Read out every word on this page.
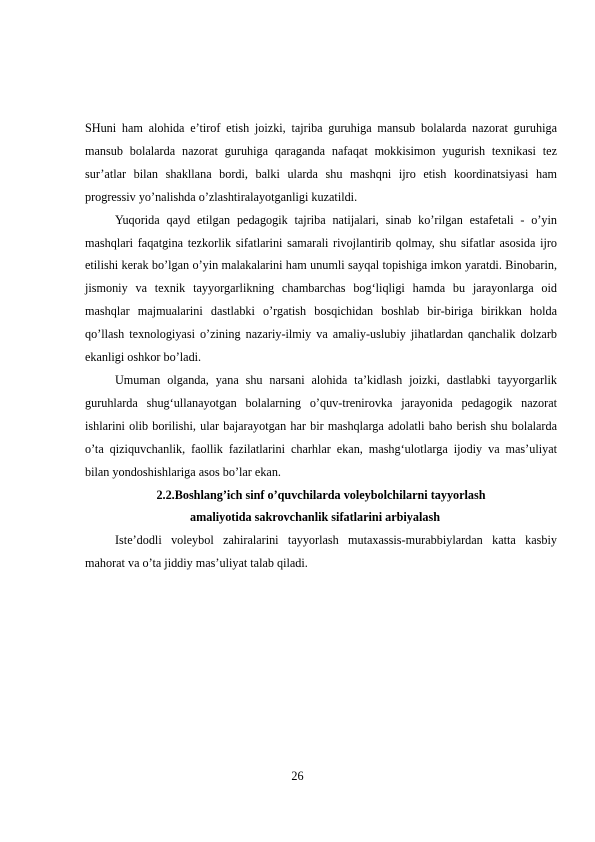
SHuni ham alohida e’tirof etish joizki, tajriba guruhiga mansub bolalarda nazorat guruhiga mansub bolalarda nazorat guruhiga qaraganda nafaqat mokkisimon yugurish texnikasi tez sur’atlar bilan shakllana bordi, balki ularda shu mashqni ijro etish koordinatsiyasi ham progressiv yo’nalishda o’zlashtiralayotganligi kuzatildi.

Yuqorida qayd etilgan pedagogik tajriba natijalari, sinab ko’rilgan estafetali - o’yin mashqlari faqatgina tezkorlik sifatlarini samarali rivojlantirib qolmay, shu sifatlar asosida ijro etilishi kerak bo’lgan o’yin malakalarini ham unumli sayqal topishiga imkon yaratdi. Binobarin, jismoniy va texnik tayyorgarlikning chambarchas bog‘liqligi hamda bu jarayonlarga oid mashqlar majmualarini dastlabki o’rgatish bosqichidan boshlab bir-biriga birikkan holda qo’llash texnologiyasi o’zining nazariy-ilmiy va amaliy-uslubiy jihatlardan qanchalik dolzarb ekanligi oshkor bo’ladi.

Umuman olganda, yana shu narsani alohida ta’kidlash joizki, dastlabki tayyorgarlik guruhlarda shug‘ullanayotgan bolalarning o’quv-trenirovka jarayonida pedagogik nazorat ishlarini olib borilishi, ular bajarayotgan har bir mashqlarga adolatli baho berish shu bolalarda o’ta qiziquvchanlik, faollik fazilatlarini charhlar ekan, mashg‘ulotlarga ijodiy va mas’uliyat bilan yondoshishlariga asos bo’lar ekan.

2.2.Boshlang’ich sinf o’quvchilarda voleybolchilarni tayyorlash

amaliyotida sakrovchanlik sifatlarini arbiyalash

Iste’dodli voleybol zahiralarini tayyorlash mutaxassis-murabbiylardan katta kasbiy mahorat va o’ta jiddiy mas’uliyat talab qiladi.

26
